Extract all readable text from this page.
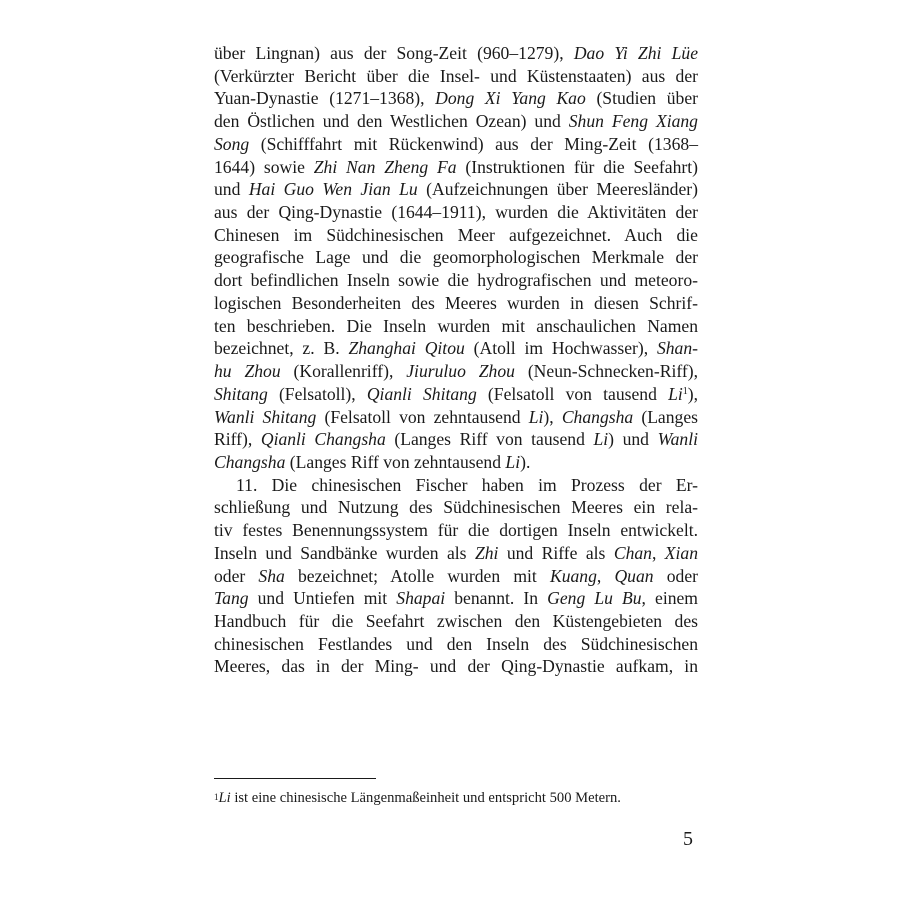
über Lingnan) aus der Song-Zeit (960–1279), Dao Yi Zhi Lüe
(Verkürzter Bericht über die Insel- und Küstenstaaten) aus der
Yuan-Dynastie (1271–1368), Dong Xi Yang Kao (Studien über
den Östlichen und den Westlichen Ozean) und Shun Feng Xiang
Song (Schifffahrt mit Rückenwind) aus der Ming-Zeit (1368–
1644) sowie Zhi Nan Zheng Fa (Instruktionen für die Seefahrt)
und Hai Guo Wen Jian Lu (Aufzeichnungen über Meeresländer)
aus der Qing-Dynastie (1644–1911), wurden die Aktivitäten der
Chinesen im Südchinesischen Meer aufgezeichnet. Auch die
geografische Lage und die geomorphologischen Merkmale der
dort befindlichen Inseln sowie die hydrografischen und meteoro-
logischen Besonderheiten des Meeres wurden in diesen Schrif-
ten beschrieben. Die Inseln wurden mit anschaulichen Namen
bezeichnet, z. B. Zhanghai Qitou (Atoll im Hochwasser), Shan-
hu Zhou (Korallenriff), Jiuruluo Zhou (Neun-Schnecken-Riff),
Shitang (Felsatoll), Qianli Shitang (Felsatoll von tausend Li$^1$),
Wanli Shitang (Felsatoll von zehntausend Li), Changsha (Langes
Riff), Qianli Changsha (Langes Riff von tausend Li) und Wanli
Changsha (Langes Riff von zehntausend Li).
11. Die chinesischen Fischer haben im Prozess der Er-
schließung und Nutzung des Südchinesischen Meeres ein rela-
tiv festes Benennungssystem für die dortigen Inseln entwickelt.
Inseln und Sandbänke wurden als Zhi und Riffe als Chan, Xian
oder Sha bezeichnet; Atolle wurden mit Kuang, Quan oder
Tang und Untiefen mit Shapai benannt. In Geng Lu Bu, einem
Handbuch für die Seefahrt zwischen den Küstengebieten des
chinesischen Festlandes und den Inseln des Südchinesischen
Meeres, das in der Ming- und der Qing-Dynastie aufkam, in
$^1$Li ist eine chinesische Längenmaßeinheit und entspricht 500 Metern.
5
